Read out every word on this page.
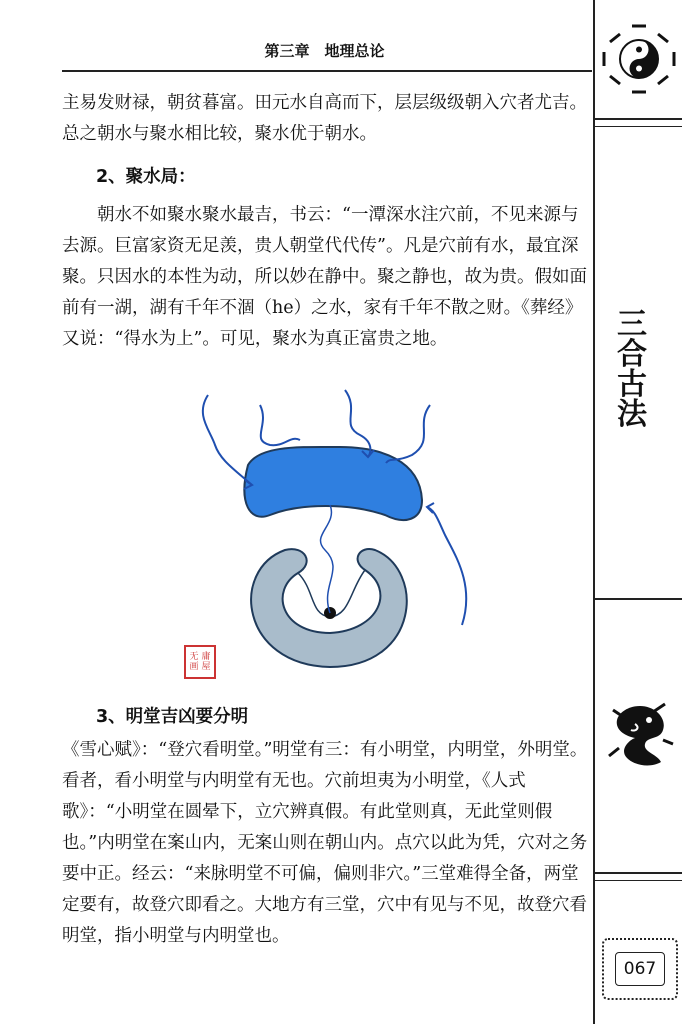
第三章　地理总论
主易发财禄，朝贫暮富。田元水自高而下，层层级级朝入穴者尤吉。总之朝水与聚水相比较，聚水优于朝水。
2、聚水局：
朝水不如聚水聚水最吉，书云：“一潭深水注穴前，不见来源与去源。巨富家资无足羡，贵人朝堂代代传”。凡是穴前有水，最宜深聚。只因水的本性为动，所以妙在静中。聚之静也，故为贵。假如面前有一湖，湖有千年不涸（he）之水，家有千年不散之财。《葬经》又说：“得水为上”。可见，聚水为真正富贵之地。
无 庸
画 屋
3、明堂吉凶要分明
《雪心赋》：“登穴看明堂。”明堂有三：有小明堂，内明堂，外明堂。看者，看小明堂与内明堂有无也。穴前坦夷为小明堂，《人式歌》：“小明堂在圆晕下，立穴辨真假。有此堂则真，无此堂则假也。”内明堂在案山内，无案山则在朝山内。点穴以此为凭，穴对之务要中正。经云：“来脉明堂不可偏，偏则非穴。”三堂难得全备，两堂定要有，故登穴即看之。大地方有三堂，穴中有见与不见，故登穴看明堂，指小明堂与内明堂也。
三
合
古
法
067
